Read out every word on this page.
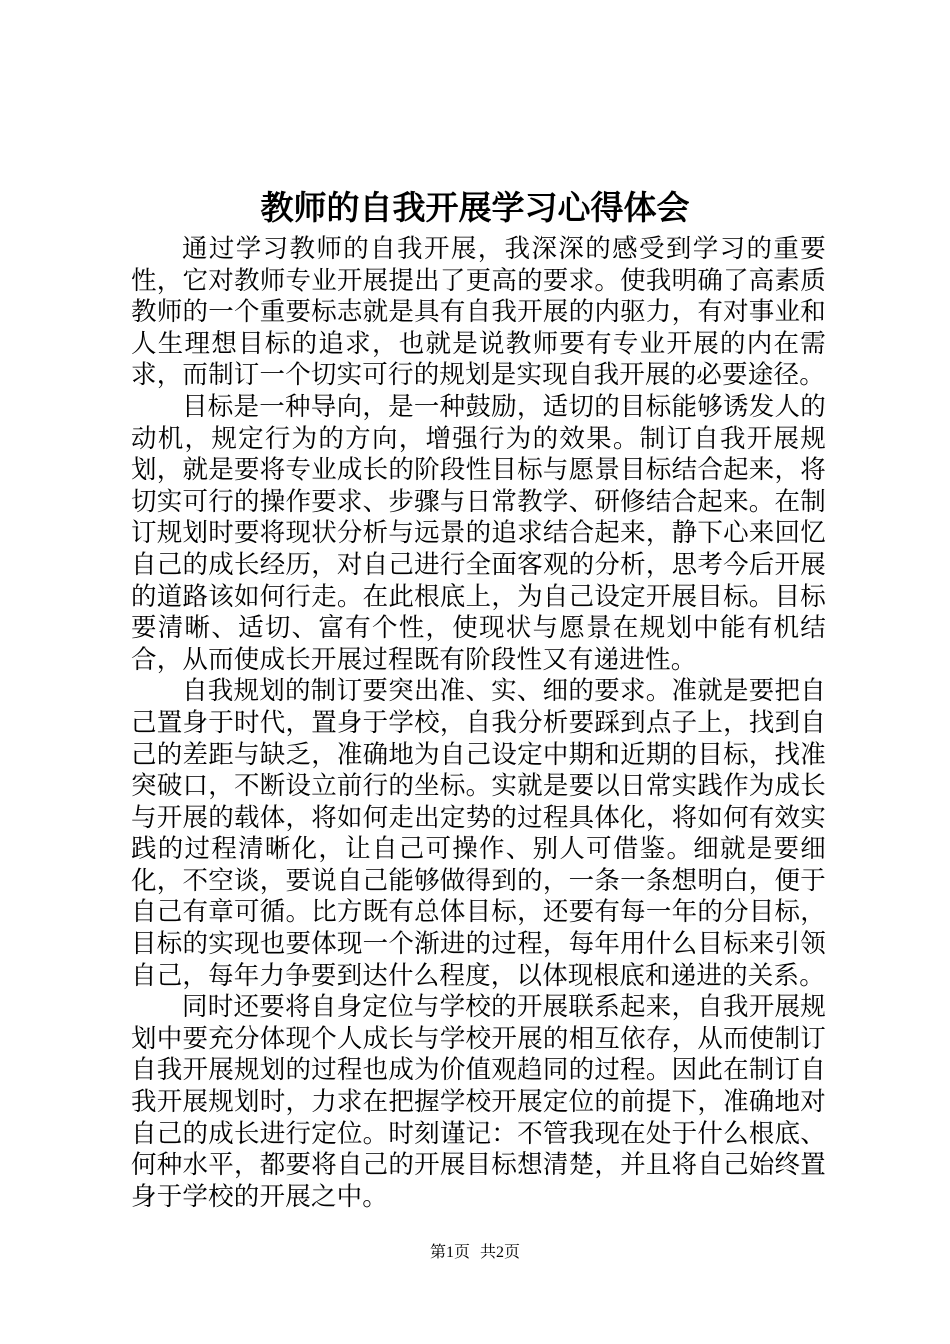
教师的自我开展学习心得体会

通过学习教师的自我开展，我深深的感受到学习的重要性，它对教师专业开展提出了更高的要求。使我明确了高素质教师的一个重要标志就是具有自我开展的内驱力，有对事业和人生理想目标的追求，也就是说教师要有专业开展的内在需求，而制订一个切实可行的规划是实现自我开展的必要途径。

目标是一种导向，是一种鼓励，适切的目标能够诱发人的动机，规定行为的方向，增强行为的效果。制订自我开展规划，就是要将专业成长的阶段性目标与愿景目标结合起来，将切实可行的操作要求、步骤与日常教学、研修结合起来。在制订规划时要将现状分析与远景的追求结合起来，静下心来回忆自己的成长经历，对自己进行全面客观的分析，思考今后开展的道路该如何行走。在此根底上，为自己设定开展目标。目标要清晰、适切、富有个性，使现状与愿景在规划中能有机结合，从而使成长开展过程既有阶段性又有递进性。

自我规划的制订要突出准、实、细的要求。准就是要把自己置身于时代，置身于学校，自我分析要踩到点子上，找到自己的差距与缺乏，准确地为自己设定中期和近期的目标，找准突破口，不断设立前行的坐标。实就是要以日常实践作为成长与开展的载体，将如何走出定势的过程具体化，将如何有效实践的过程清晰化，让自己可操作、别人可借鉴。细就是要细化，不空谈，要说自己能够做得到的，一条一条想明白，便于自己有章可循。比方既有总体目标，还要有每一年的分目标，目标的实现也要体现一个渐进的过程，每年用什么目标来引领自己，每年力争要到达什么程度，以体现根底和递进的关系。

同时还要将自身定位与学校的开展联系起来，自我开展规划中要充分体现个人成长与学校开展的相互依存，从而使制订自我开展规划的过程也成为价值观趋同的过程。因此在制订自我开展规划时，力求在把握学校开展定位的前提下，准确地对自己的成长进行定位。时刻谨记：不管我现在处于什么根底、何种水平，都要将自己的开展目标想清楚，并且将自己始终置身于学校的开展之中。

第1页 共2页
